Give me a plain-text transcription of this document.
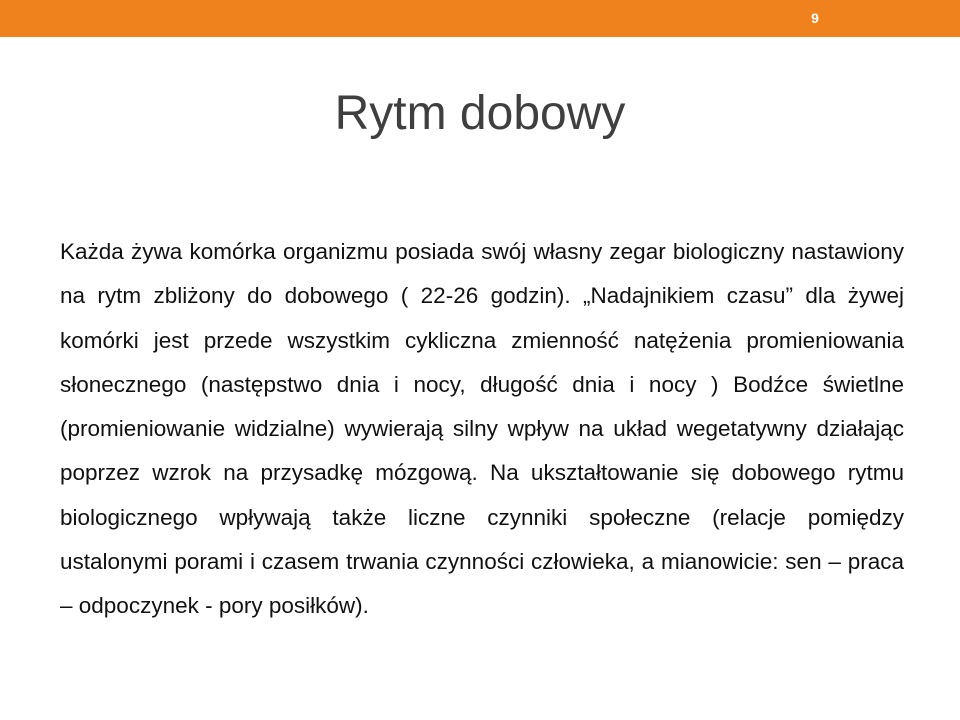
9
Rytm dobowy

Każda żywa komórka organizmu posiada swój własny zegar biologiczny nastawiony na rytm zbliżony do dobowego ( 22-26 godzin). „Nadajnikiem czasu” dla żywej komórki jest przede wszystkim cykliczna zmienność natężenia promieniowania słonecznego (następstwo dnia i nocy, długość dnia i nocy ) Bodźce świetlne (promieniowanie widzialne) wywierają silny wpływ na układ wegetatywny działając poprzez wzrok na przysadkę mózgową. Na ukształtowanie się dobowego rytmu biologicznego wpływają także liczne czynniki społeczne (relacje pomiędzy ustalonymi porami i czasem trwania czynności człowieka, a mianowicie: sen – praca – odpoczynek - pory posiłków).
